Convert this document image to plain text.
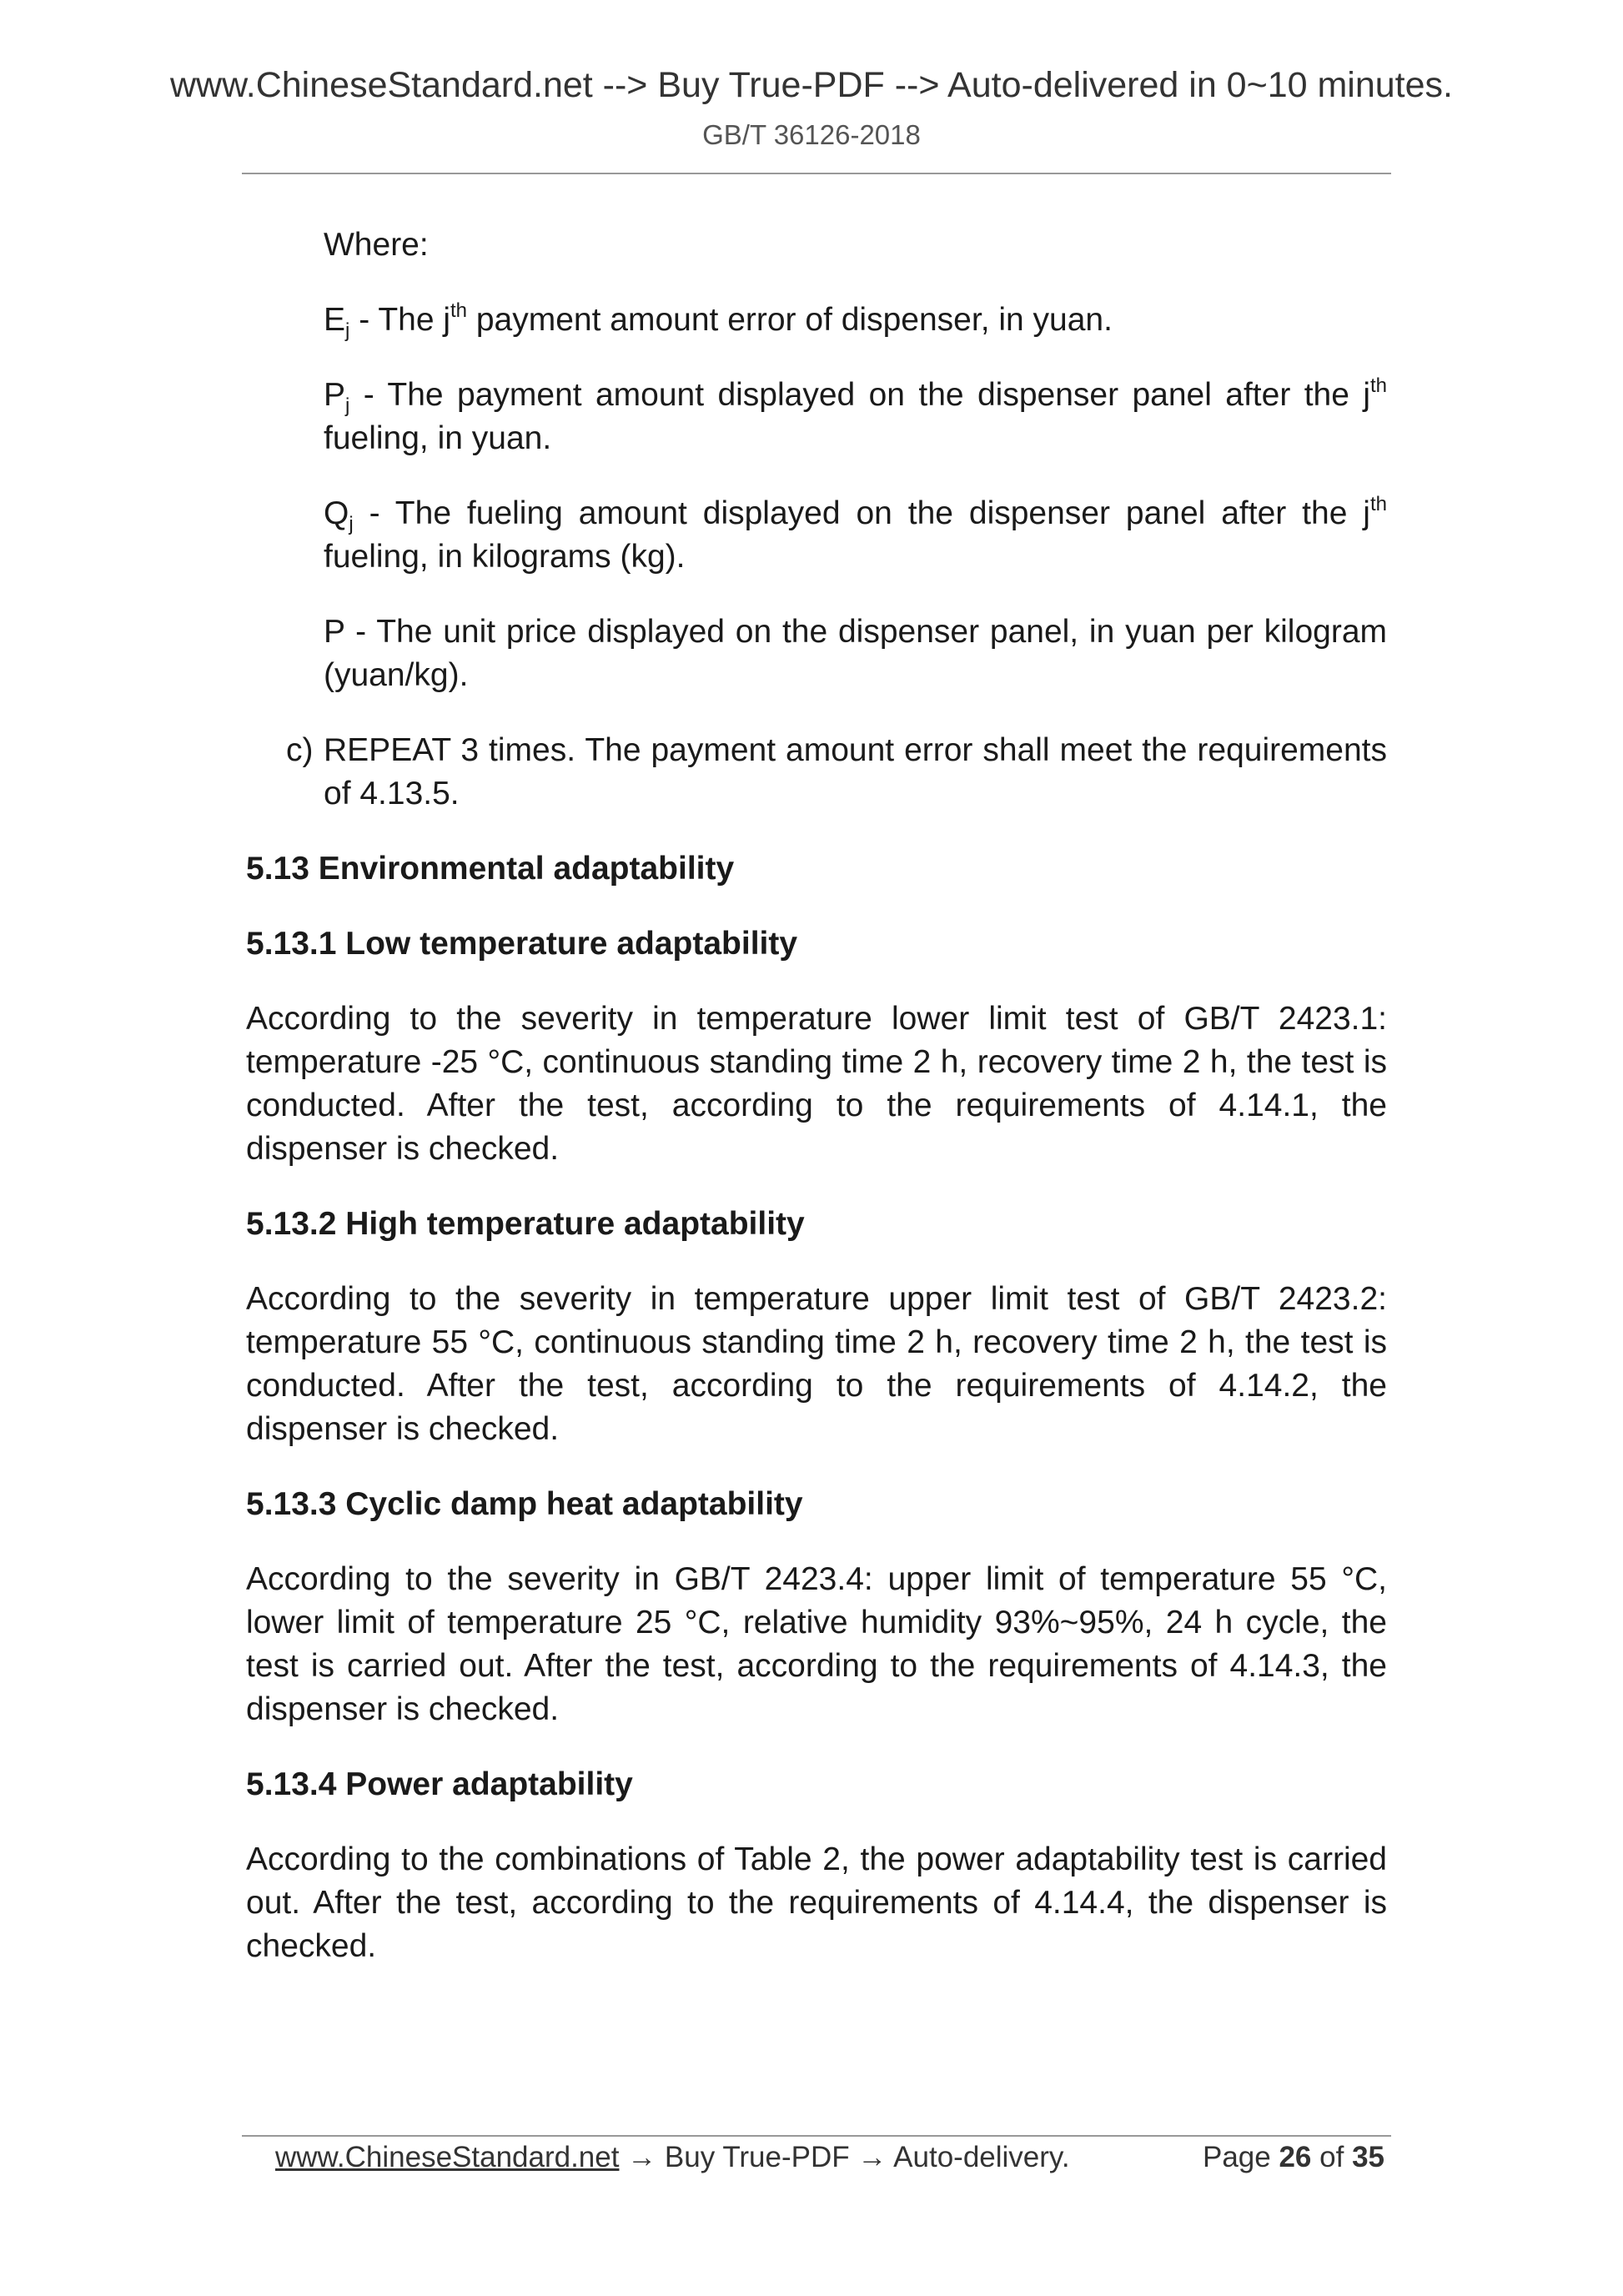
www.ChineseStandard.net --> Buy True-PDF --> Auto-delivered in 0~10 minutes.
GB/T 36126-2018

Where:

$E_j$ - The $j^{th}$ payment amount error of dispenser, in yuan.

$P_j$ - The payment amount displayed on the dispenser panel after the $j^{th}$ fueling, in yuan.

$Q_j$ - The fueling amount displayed on the dispenser panel after the $j^{th}$ fueling, in kilograms (kg).

P - The unit price displayed on the dispenser panel, in yuan per kilogram (yuan/kg).

c) REPEAT 3 times. The payment amount error shall meet the requirements of 4.13.5.
5.13 Environmental adaptability
5.13.1 Low temperature adaptability

According to the severity in temperature lower limit test of GB/T 2423.1: temperature -25 °C, continuous standing time 2 h, recovery time 2 h, the test is conducted. After the test, according to the requirements of 4.14.1, the dispenser is checked.

5.13.2 High temperature adaptability

According to the severity in temperature upper limit test of GB/T 2423.2: temperature 55 °C, continuous standing time 2 h, recovery time 2 h, the test is conducted. After the test, according to the requirements of 4.14.2, the dispenser is checked.

5.13.3 Cyclic damp heat adaptability

According to the severity in GB/T 2423.4: upper limit of temperature 55 °C, lower limit of temperature 25 °C, relative humidity 93%~95%, 24 h cycle, the test is carried out. After the test, according to the requirements of 4.14.3, the dispenser is checked.

5.13.4 Power adaptability

According to the combinations of Table 2, the power adaptability test is carried out. After the test, according to the requirements of 4.14.4, the dispenser is checked.

www.ChineseStandard.net → Buy True-PDF → Auto-delivery.	Page 26 of 35
